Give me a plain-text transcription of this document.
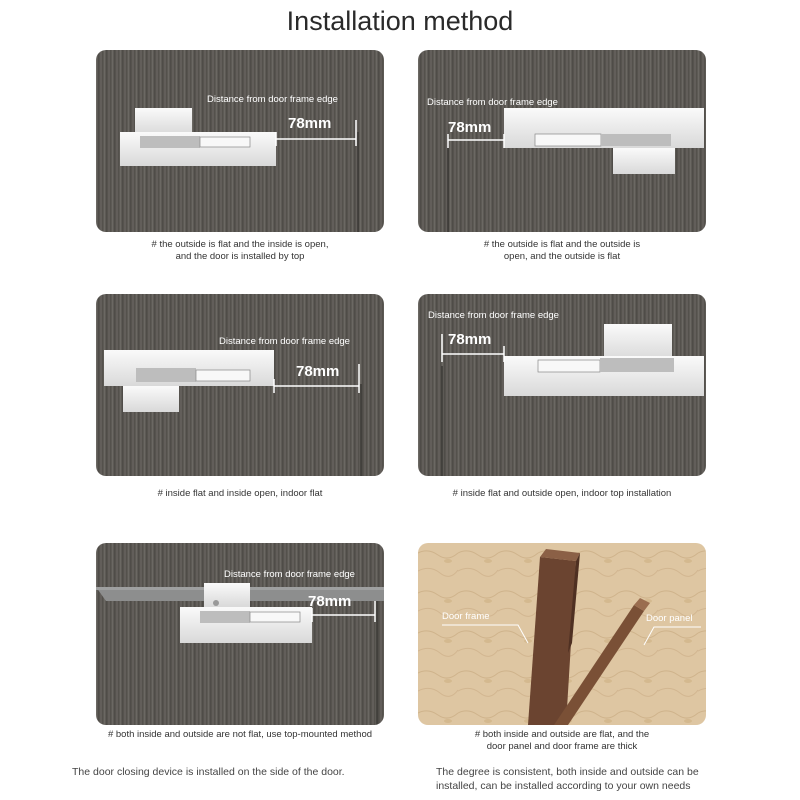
Installation method
Distance from door frame edge
78mm
# the outside is flat and the inside is open,
and the door is installed by top
Distance from door frame edge
78mm
# the outside is flat and the outside is
open, and the outside is flat
Distance from door frame edge
78mm
# inside flat and inside open, indoor flat
Distance from door frame edge
78mm
# inside flat and outside open, indoor top installation
Distance from door frame edge
78mm
# both inside and outside are not flat, use top-mounted method
Door frame	Door panel
# both inside and outside are flat, and the
door panel and door frame are thick
The door closing device is installed on the side of the door.	The degree is consistent, both inside and outside can be
installed, can be installed according to your own needs
